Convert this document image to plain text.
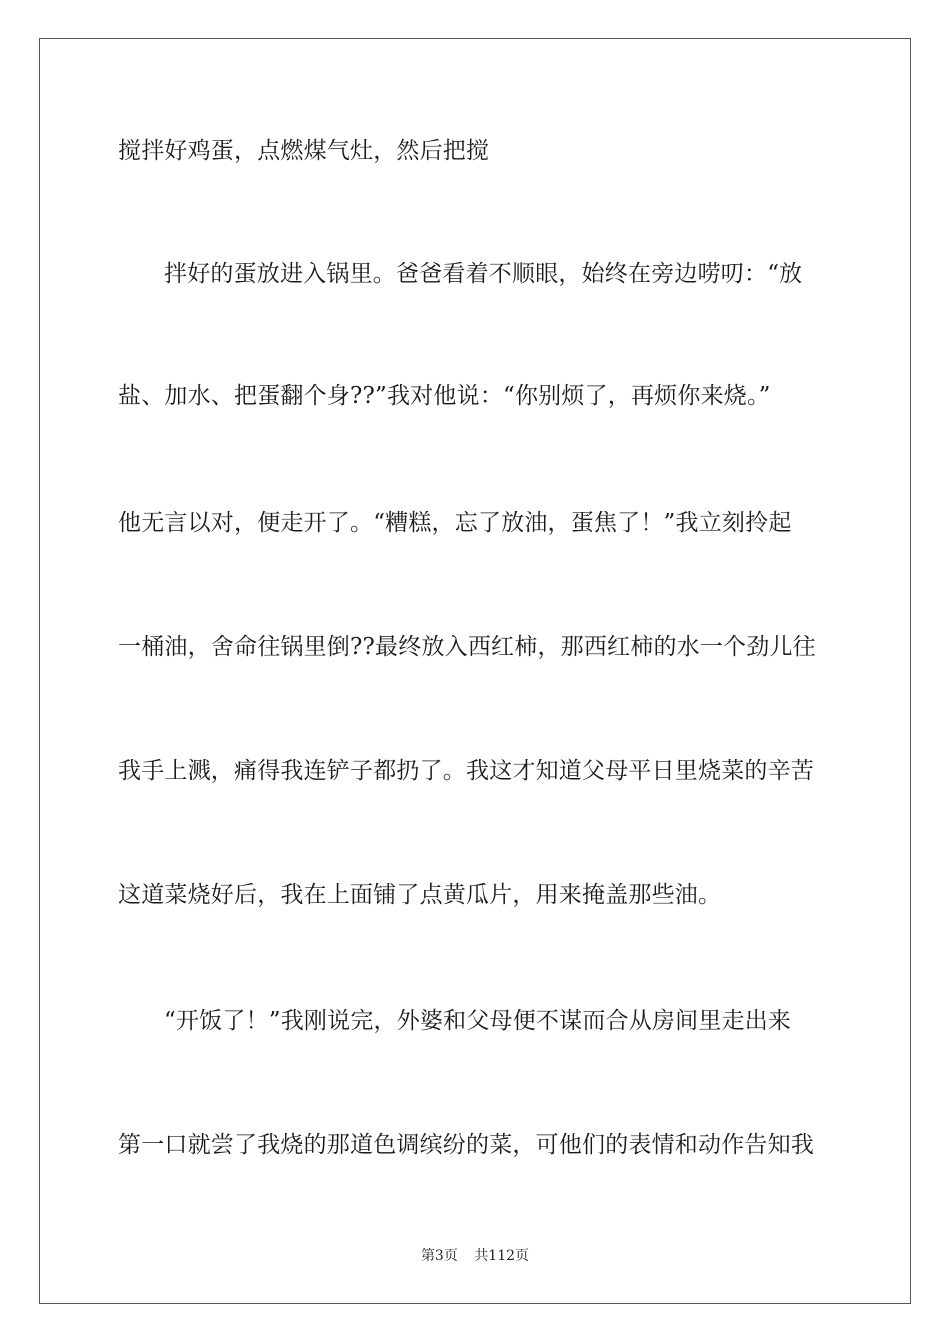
搅拌好鸡蛋，点燃煤气灶，然后把搅
拌好的蛋放进入锅里。爸爸看着不顺眼，始终在旁边唠叨：“放
盐、加水、把蛋翻个身??”我对他说：“你别烦了，再烦你来烧。”
他无言以对，便走开了。“糟糕，忘了放油，蛋焦了！”我立刻拎起
一桶油，舍命往锅里倒??最终放入西红柿，那西红柿的水一个劲儿往
我手上溅，痛得我连铲子都扔了。我这才知道父母平日里烧菜的辛苦
这道菜烧好后，我在上面铺了点黄瓜片，用来掩盖那些油。
“开饭了！”我刚说完，外婆和父母便不谋而合从房间里走出来
第一口就尝了我烧的那道色调缤纷的菜，可他们的表情和动作告知我
第3页 共112页
